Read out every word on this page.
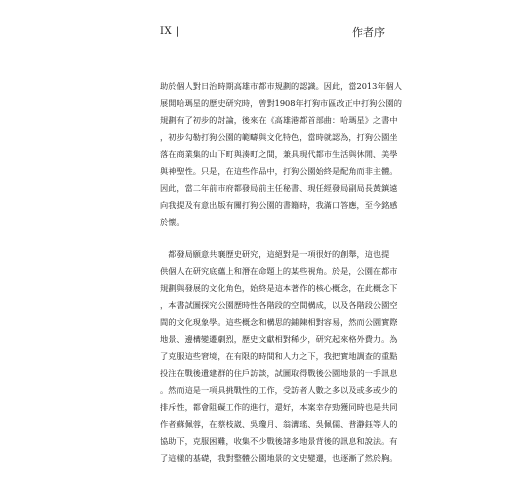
IX |	作者序

助於個人對日治時期高雄市都市規劃的認識。因此，當2013年個人

展開哈瑪星的歷史研究時，曾對1908年打狗市區改正中打狗公園的

規劃有了初步的討論，後來在《高雄港都首部曲：哈瑪星》之書中

，初步勾勒打狗公園的範疇與文化特色，當時就認為，打狗公園坐

落在商業集的山下町與湊町之間，兼具現代都市生活與休閒、美學

與神聖性。只是，在這些作品中，打狗公園始終是配角而非主體。

因此，當二年前市府都發局前主任秘書、現任經發局副局長黃鎮遠

向我提及有意出版有關打狗公園的書籍時，我滿口答應，至今銘感

於懷。

　都發局願意共襄歷史研究，這絕對是一項很好的創舉，這也提

供個人在研究底蘊上和潛在命題上的某些視角。於是，公園在都市

規劃與發展的文化角色，始終是這本著作的核心概念，在此概念下

，本書試圖探究公園歷時性各階段的空間構成，以及各階段公園空

間的文化現象學。這些概念和構思的鋪陳相對容易，然而公園實際

地景、邊構變遷劇烈，歷史文獻相對稀少，研究起來格外費力。為

了克服這些窘境，在有限的時間和人力之下，我把實地調查的重點

投注在戰後遺建群的住戶訪談，試圖取得戰後公園地景的一手訊息

。然而這是一項具挑戰性的工作，受訪者人數之多以及或多或少的

排斥性，都會阻礙工作的進行，還好，本案幸存勁獲同時也是共同

作者蘇佩蓉，在蔡枝崴、吳瓊月、翁溝瑤、吳佩儒、普瀞鈺等人的

協助下，克服困難，收集不少戰後諸多地景背後的訊息和說法。有

了這樣的基礎，我對整體公園地景的文史變遷，也逐漸了然於胸。
